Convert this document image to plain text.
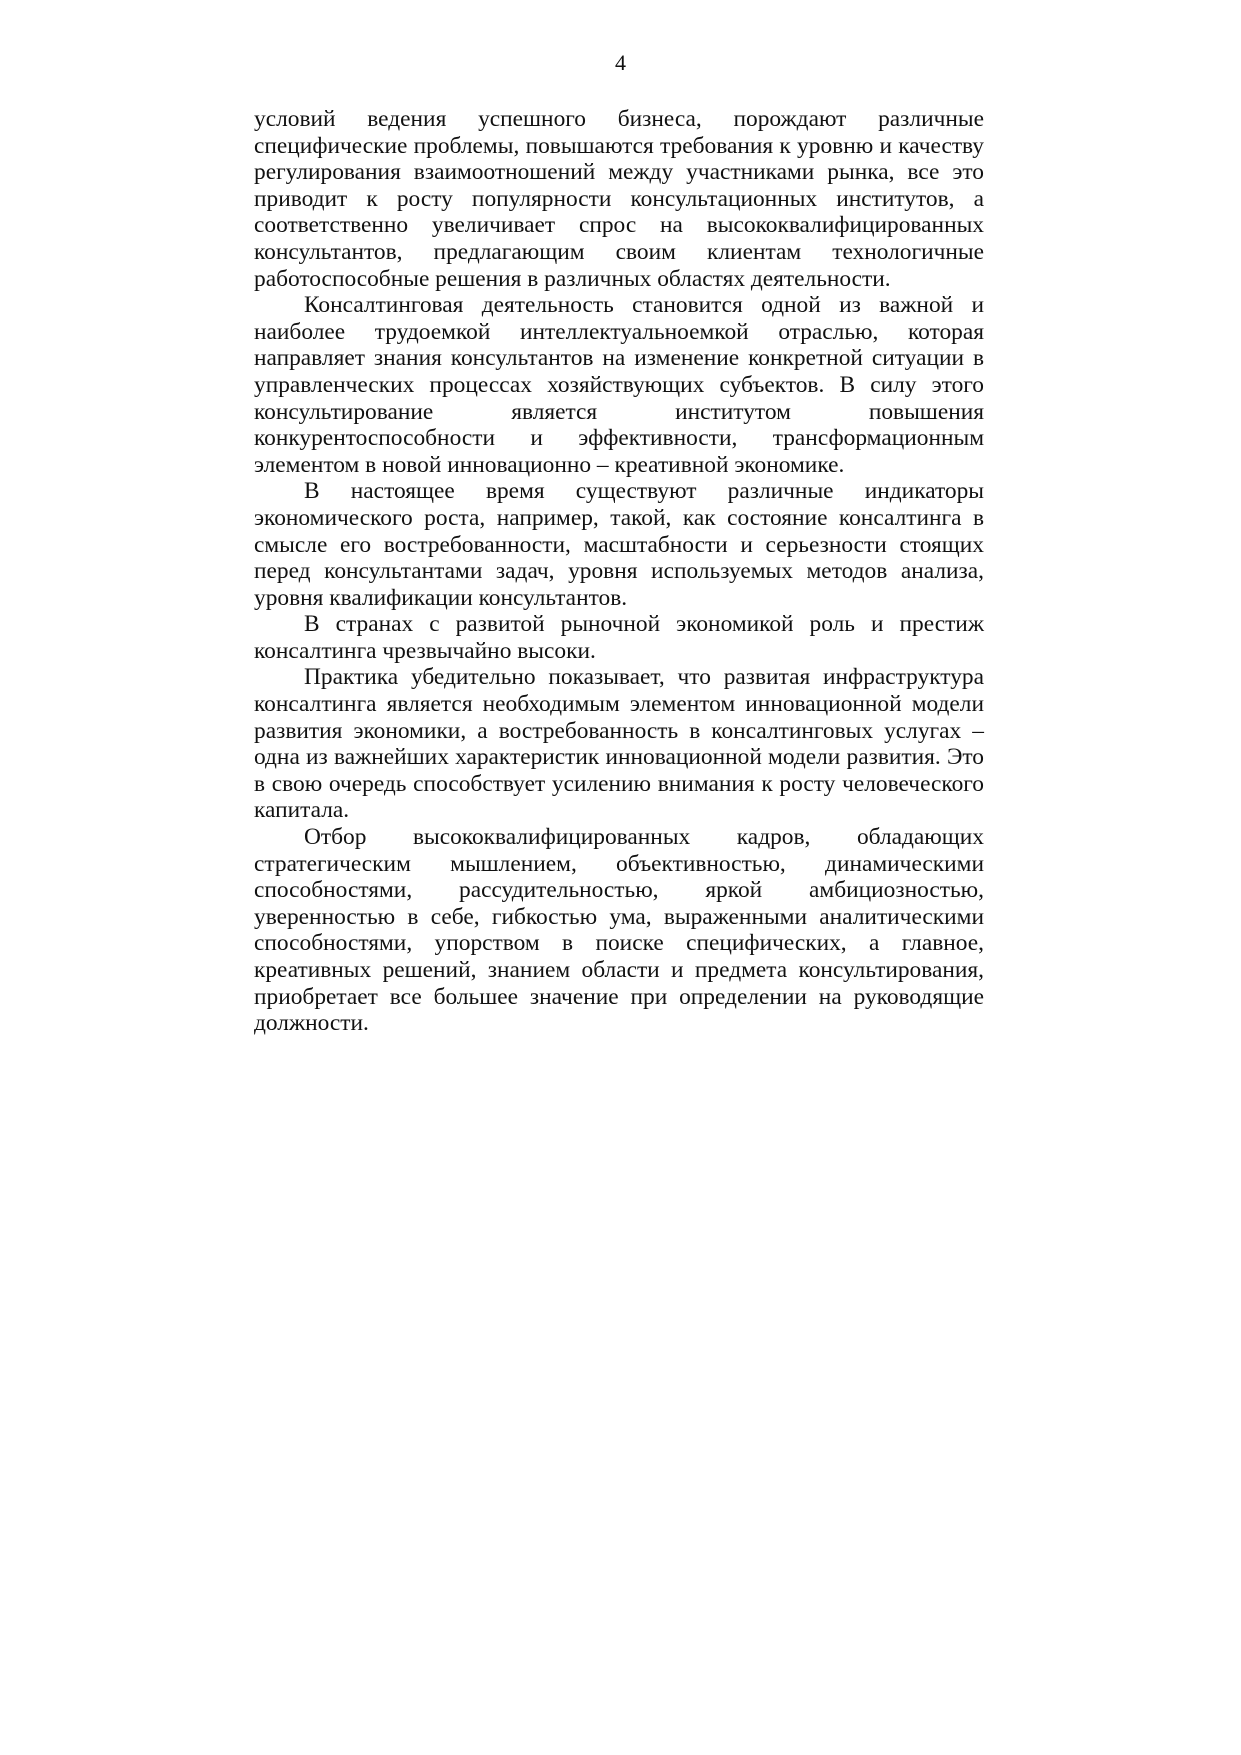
4

условий ведения успешного бизнеса, порождают различные специфические проблемы, повышаются требования к уровню и качеству регулирования взаимоотношений между участниками рынка, все это приводит к росту популярности консультационных институтов, а соответственно увеличивает спрос на высококвалифицированных консультантов, предлагающим своим клиентам технологичные работоспособные решения в различных областях деятельности.

Консалтинговая деятельность становится одной из важной и наиболее трудоемкой интеллектуальноемкой отраслью, которая направляет знания консультантов на изменение конкретной ситуации в управленческих процессах хозяйствующих субъектов. В силу этого консультирование является институтом повышения конкурентоспособности и эффективности, трансформационным элементом в новой инновационно – креативной экономике.

В настоящее время существуют различные индикаторы экономического роста, например, такой, как состояние консалтинга в смысле его востребованности, масштабности и серьезности стоящих перед консультантами задач, уровня используемых методов анализа, уровня квалификации консультантов.

В странах с развитой рыночной экономикой роль и престиж консалтинга чрезвычайно высоки.

Практика убедительно показывает, что развитая инфраструктура консалтинга является необходимым элементом инновационной модели развития экономики, а востребованность в консалтинговых услугах – одна из важнейших характеристик инновационной модели развития. Это в свою очередь способствует усилению внимания к росту человеческого капитала.

Отбор высококвалифицированных кадров, обладающих стратегическим мышлением, объективностью, динамическими способностями, рассудительностью, яркой амбициозностью, уверенностью в себе, гибкостью ума, выраженными аналитическими способностями, упорством в поиске специфических, а главное, креативных решений, знанием области и предмета консультирования, приобретает все большее значение при определении на руководящие должности.
